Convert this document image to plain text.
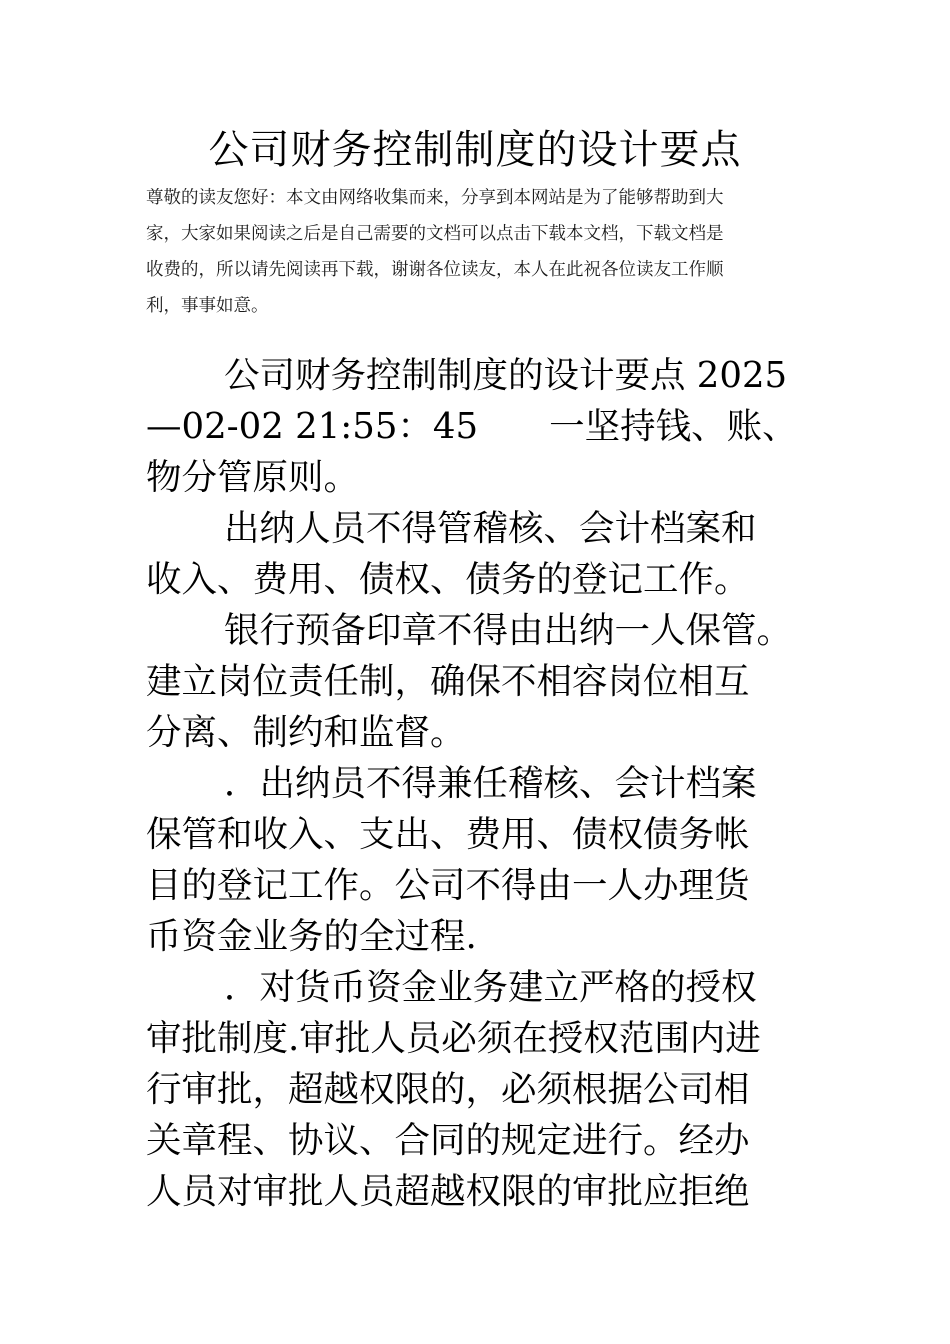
公司财务控制制度的设计要点
尊敬的读友您好：本文由网络收集而来，分享到本网站是为了能够帮助到大
家，大家如果阅读之后是自己需要的文档可以点击下载本文档，下载文档是
收费的，所以请先阅读再下载，谢谢各位读友，本人在此祝各位读友工作顺
利，事事如意。
公司财务控制制度的设计要点 2025
—02-02 21:55：45　　一坚持钱、账、
物分管原则。
出纳人员不得管稽核、会计档案和
收入、费用、债权、债务的登记工作。
银行预备印章不得由出纳一人保管。
建立岗位责任制，确保不相容岗位相互
分离、制约和监督。
．出纳员不得兼任稽核、会计档案
保管和收入、支出、费用、债权债务帐
目的登记工作。公司不得由一人办理货
币资金业务的全过程.
．对货币资金业务建立严格的授权
审批制度.审批人员必须在授权范围内进
行审批，超越权限的，必须根据公司相
关章程、协议、合同的规定进行。经办
人员对审批人员超越权限的审批应拒绝
